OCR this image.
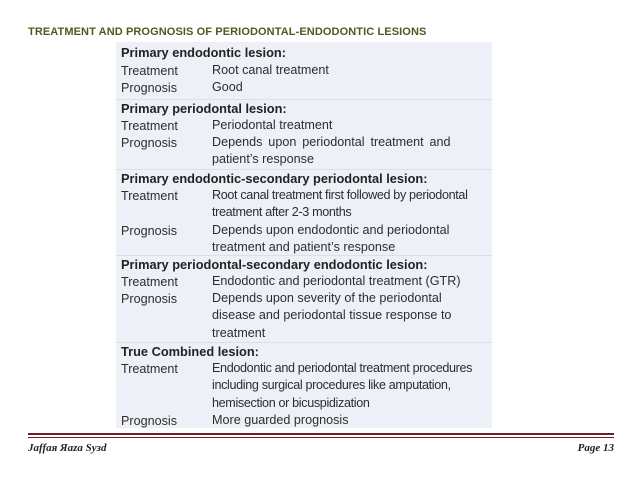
TREATMENT AND PROGNOSIS OF PERIODONTAL-ENDODONTIC LESIONS
Primary endodontic lesion:
Treatment	Root canal treatment
Prognosis	Good
Primary periodontal lesion:
Treatment	Periodontal treatment
Prognosis	Depends upon periodontal treatment and
patient’s response
Primary endodontic-secondary periodontal lesion:
Treatment	Root canal treatment first followed by periodontal
treatment after 2-3 months
Prognosis	Depends upon endodontic and periodontal
treatment and patient’s response
Primary periodontal-secondary endodontic lesion:
Treatment	Endodontic and periodontal treatment (GTR)
Prognosis	Depends upon severity of the periodontal
disease and periodontal tissue response to
treatment
True Combined lesion:
Treatment	Endodontic and periodontal treatment procedures
including surgical procedures like amputation,
hemisection or bicuspidization
Prognosis	More guarded prognosis
Jaffaя Яaza Syзd	Page 13
